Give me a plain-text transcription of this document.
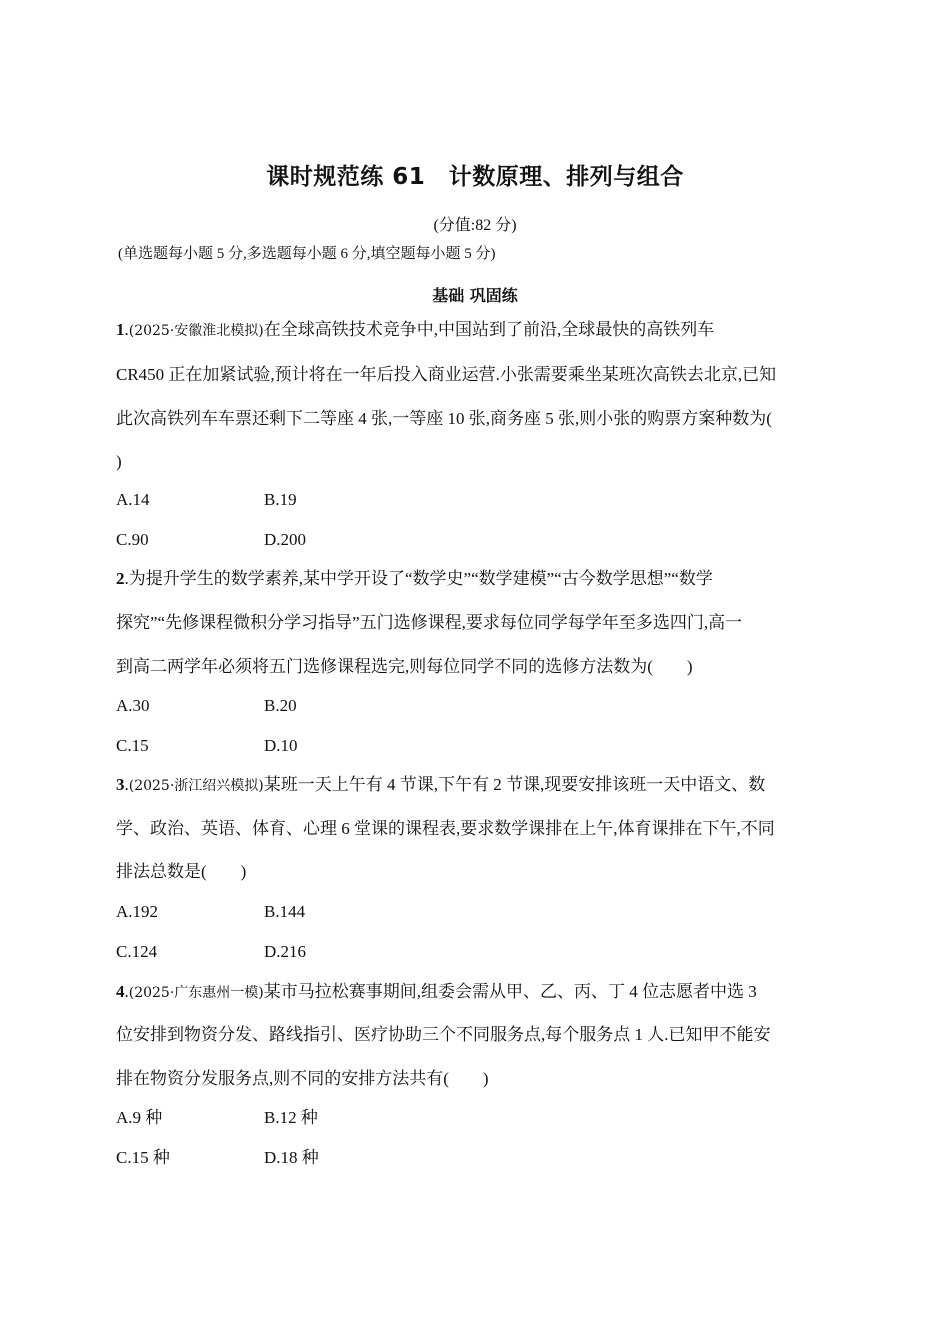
课时规范练 61　计数原理、排列与组合
(分值:82 分)
(单选题每小题 5 分,多选题每小题 6 分,填空题每小题 5 分)
基础 巩固练
1.(2025·安徽淮北模拟)在全球高铁技术竞争中,中国站到了前沿,全球最快的高铁列车
CR450 正在加紧试验,预计将在一年后投入商业运营.小张需要乘坐某班次高铁去北京,已知
此次高铁列车车票还剩下二等座 4 张,一等座 10 张,商务座 5 张,则小张的购票方案种数为(
)
A.14	B.19
C.90	D.200
2.为提升学生的数学素养,某中学开设了“数学史”“数学建模”“古今数学思想”“数学
探究”“先修课程微积分学习指导”五门选修课程,要求每位同学每学年至多选四门,高一
到高二两学年必须将五门选修课程选完,则每位同学不同的选修方法数为(　　)
A.30	B.20
C.15	D.10
3.(2025·浙江绍兴模拟)某班一天上午有 4 节课,下午有 2 节课,现要安排该班一天中语文、数
学、政治、英语、体育、心理 6 堂课的课程表,要求数学课排在上午,体育课排在下午,不同
排法总数是(　　)
A.192	B.144
C.124	D.216
4.(2025·广东惠州一模)某市马拉松赛事期间,组委会需从甲、乙、丙、丁 4 位志愿者中选 3
位安排到物资分发、路线指引、医疗协助三个不同服务点,每个服务点 1 人.已知甲不能安
排在物资分发服务点,则不同的安排方法共有(　　)
A.9 种	B.12 种
C.15 种	D.18 种
